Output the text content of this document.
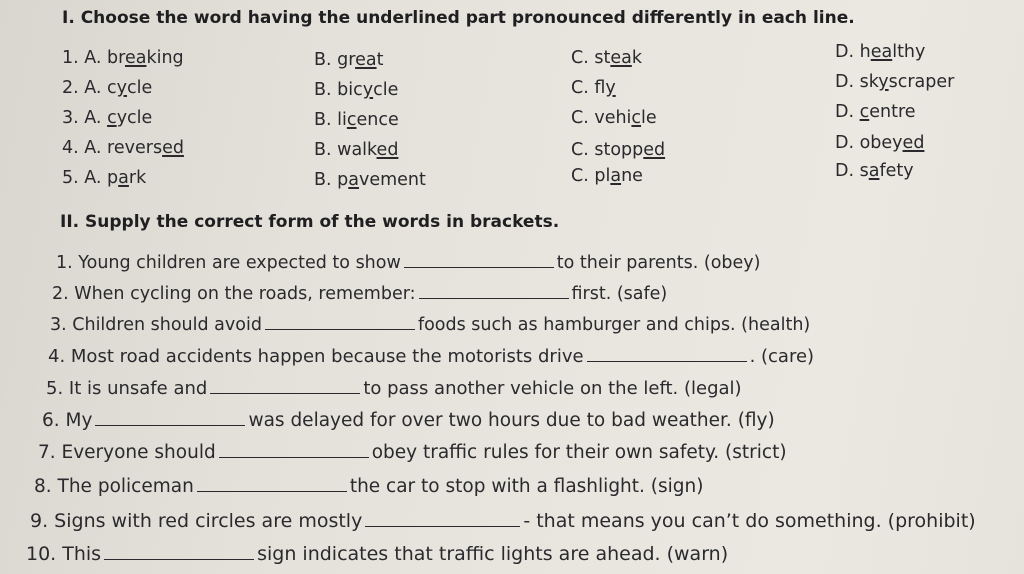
I. Choose the word having the underlined part pronounced differently in each line.
1. A. breaking	B. great	C. steak	D. healthy
2. A. cycle	B. bicycle	C. fly	D. skyscraper
3. A. cycle	B. licence	C. vehicle	D. centre
4. A. reversed	B. walked	C. stopped	D. obeyed
5. A. park	B. pavement	C. plane	D. safety
II. Supply the correct form of the words in brackets.
1. Young children are expected to show	to their parents. (obey)
2. When cycling on the roads, remember:	first. (safe)
3. Children should avoid	foods such as hamburger and chips. (health)
4. Most road accidents happen because the motorists drive	. (care)
5. It is unsafe and	to pass another vehicle on the left. (legal)
6. My	was delayed for over two hours due to bad weather. (fly)
7. Everyone should	obey traffic rules for their own safety. (strict)
8. The policeman	the car to stop with a flashlight. (sign)
9. Signs with red circles are mostly	- that means you can’t do something. (prohibit)
10. This	sign indicates that traffic lights are ahead. (warn)
